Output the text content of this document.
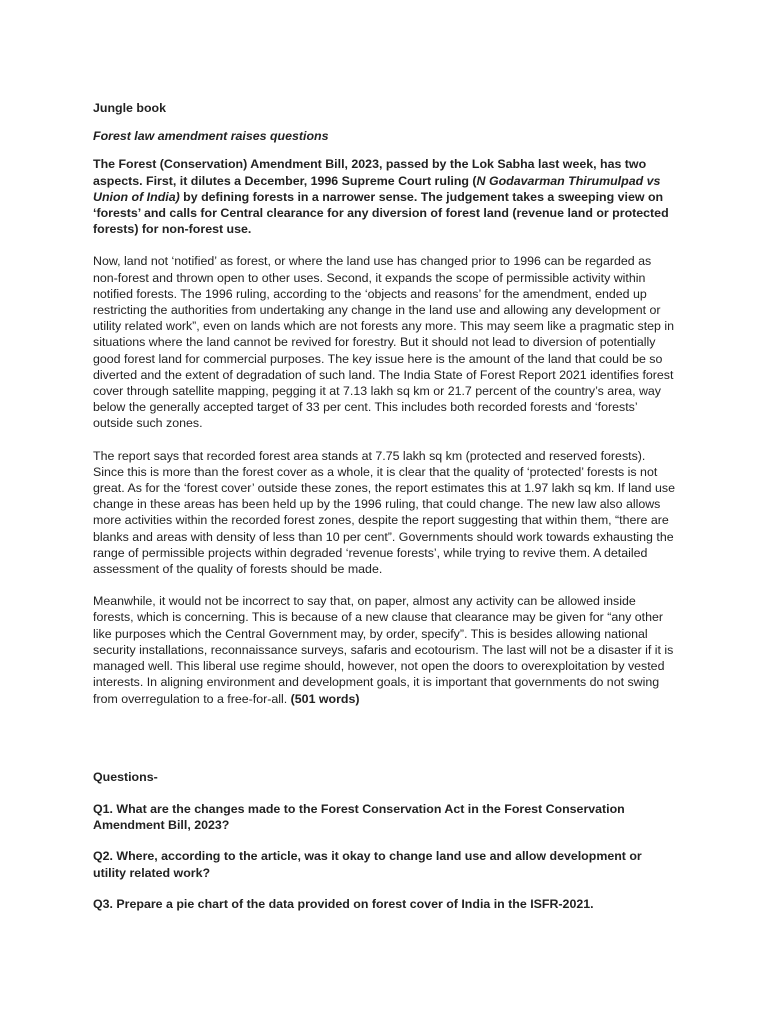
Jungle book

Forest law amendment raises questions

The Forest (Conservation) Amendment Bill, 2023, passed by the Lok Sabha last week, has two aspects. First, it dilutes a December, 1996 Supreme Court ruling (N Godavarman Thirumulpad vs Union of India) by defining forests in a narrower sense. The judgement takes a sweeping view on ‘forests’ and calls for Central clearance for any diversion of forest land (revenue land or protected forests) for non-forest use.

Now, land not ‘notified’ as forest, or where the land use has changed prior to 1996 can be regarded as non-forest and thrown open to other uses. Second, it expands the scope of permissible activity within notified forests. The 1996 ruling, according to the ‘objects and reasons’ for the amendment, ended up restricting the authorities from undertaking any change in the land use and allowing any development or utility related work”, even on lands which are not forests any more. This may seem like a pragmatic step in situations where the land cannot be revived for forestry. But it should not lead to diversion of potentially good forest land for commercial purposes. The key issue here is the amount of the land that could be so diverted and the extent of degradation of such land. The India State of Forest Report 2021 identifies forest cover through satellite mapping, pegging it at 7.13 lakh sq km or 21.7 percent of the country’s area, way below the generally accepted target of 33 per cent. This includes both recorded forests and ‘forests’ outside such zones.

The report says that recorded forest area stands at 7.75 lakh sq km (protected and reserved forests). Since this is more than the forest cover as a whole, it is clear that the quality of ‘protected’ forests is not great. As for the ‘forest cover’ outside these zones, the report estimates this at 1.97 lakh sq km. If land use change in these areas has been held up by the 1996 ruling, that could change. The new law also allows more activities within the recorded forest zones, despite the report suggesting that within them, “there are blanks and areas with density of less than 10 per cent”. Governments should work towards exhausting the range of permissible projects within degraded ‘revenue forests’, while trying to revive them. A detailed assessment of the quality of forests should be made.

Meanwhile, it would not be incorrect to say that, on paper, almost any activity can be allowed inside forests, which is concerning. This is because of a new clause that clearance may be given for “any other like purposes which the Central Government may, by order, specify”. This is besides allowing national security installations, reconnaissance surveys, safaris and ecotourism. The last will not be a disaster if it is managed well. This liberal use regime should, however, not open the doors to overexploitation by vested interests. In aligning environment and development goals, it is important that governments do not swing from overregulation to a free-for-all. (501 words)

Questions-

Q1. What are the changes made to the Forest Conservation Act in the Forest Conservation Amendment Bill, 2023?

Q2. Where, according to the article, was it okay to change land use and allow development or utility related work?

Q3. Prepare a pie chart of the data provided on forest cover of India in the ISFR-2021.
